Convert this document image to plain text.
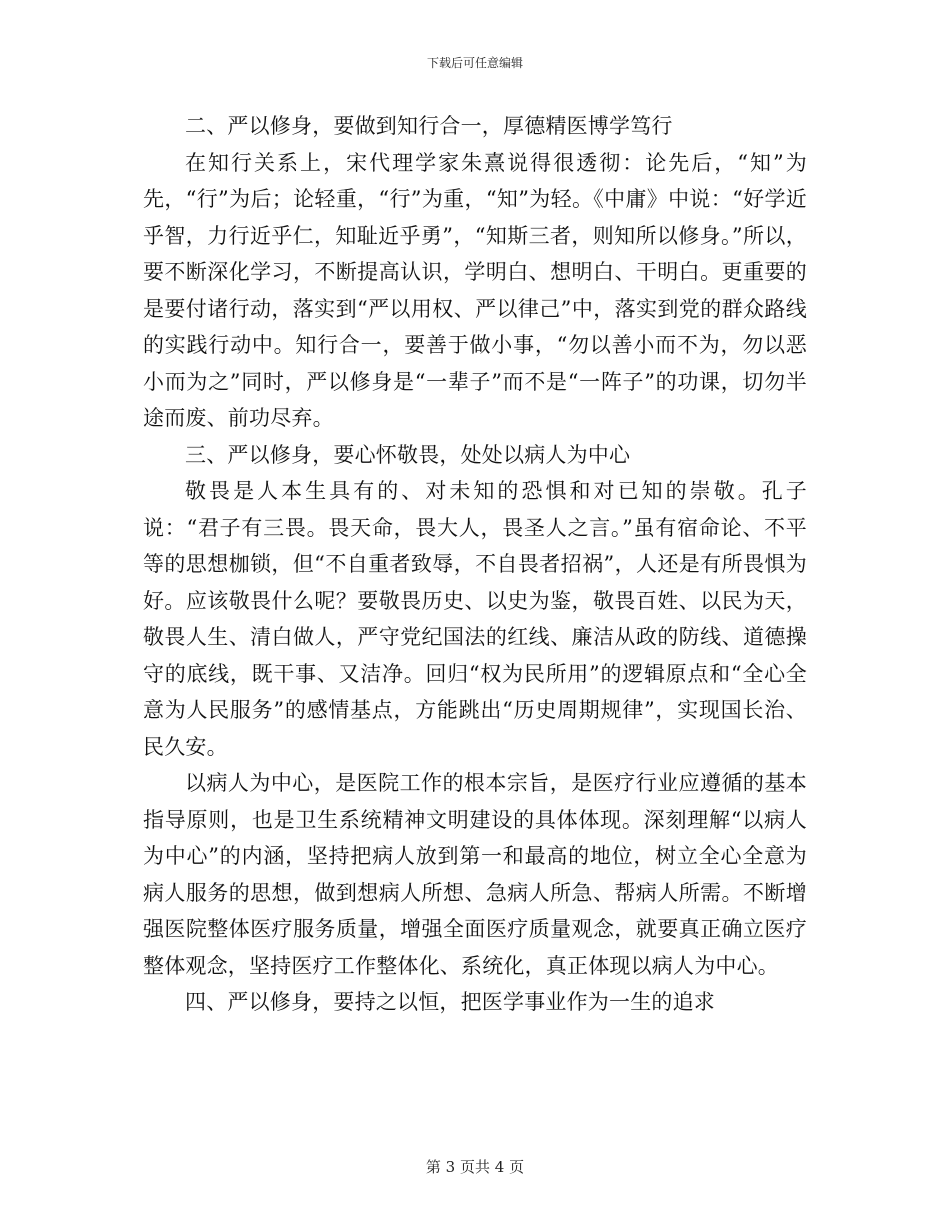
下载后可任意编辑

二、严以修身，要做到知行合一，厚德精医博学笃行

在知行关系上，宋代理学家朱熹说得很透彻：论先后，“知”为先，“行”为后；论轻重，“行”为重，“知”为轻。《中庸》中说：“好学近乎智，力行近乎仁，知耻近乎勇”，“知斯三者，则知所以修身。”所以，要不断深化学习，不断提高认识，学明白、想明白、干明白。更重要的是要付诸行动，落实到“严以用权、严以律己”中，落实到党的群众路线的实践行动中。知行合一，要善于做小事，“勿以善小而不为，勿以恶小而为之”同时，严以修身是“一辈子”而不是“一阵子”的功课，切勿半途而废、前功尽弃。

三、严以修身，要心怀敬畏，处处以病人为中心

敬畏是人本生具有的、对未知的恐惧和对已知的崇敬。孔子说：“君子有三畏。畏天命，畏大人，畏圣人之言。”虽有宿命论、不平等的思想枷锁，但“不自重者致辱，不自畏者招祸”，人还是有所畏惧为好。应该敬畏什么呢？要敬畏历史、以史为鉴，敬畏百姓、以民为天，敬畏人生、清白做人，严守党纪国法的红线、廉洁从政的防线、道德操守的底线，既干事、又洁净。回归“权为民所用”的逻辑原点和“全心全意为人民服务”的感情基点，方能跳出“历史周期规律”，实现国长治、民久安。

以病人为中心，是医院工作的根本宗旨，是医疗行业应遵循的基本指导原则，也是卫生系统精神文明建设的具体体现。深刻理解“以病人为中心”的内涵，坚持把病人放到第一和最高的地位，树立全心全意为病人服务的思想，做到想病人所想、急病人所急、帮病人所需。不断增强医院整体医疗服务质量，增强全面医疗质量观念，就要真正确立医疗整体观念，坚持医疗工作整体化、系统化，真正体现以病人为中心。

四、严以修身，要持之以恒，把医学事业作为一生的追求

第 3 页共 4 页
